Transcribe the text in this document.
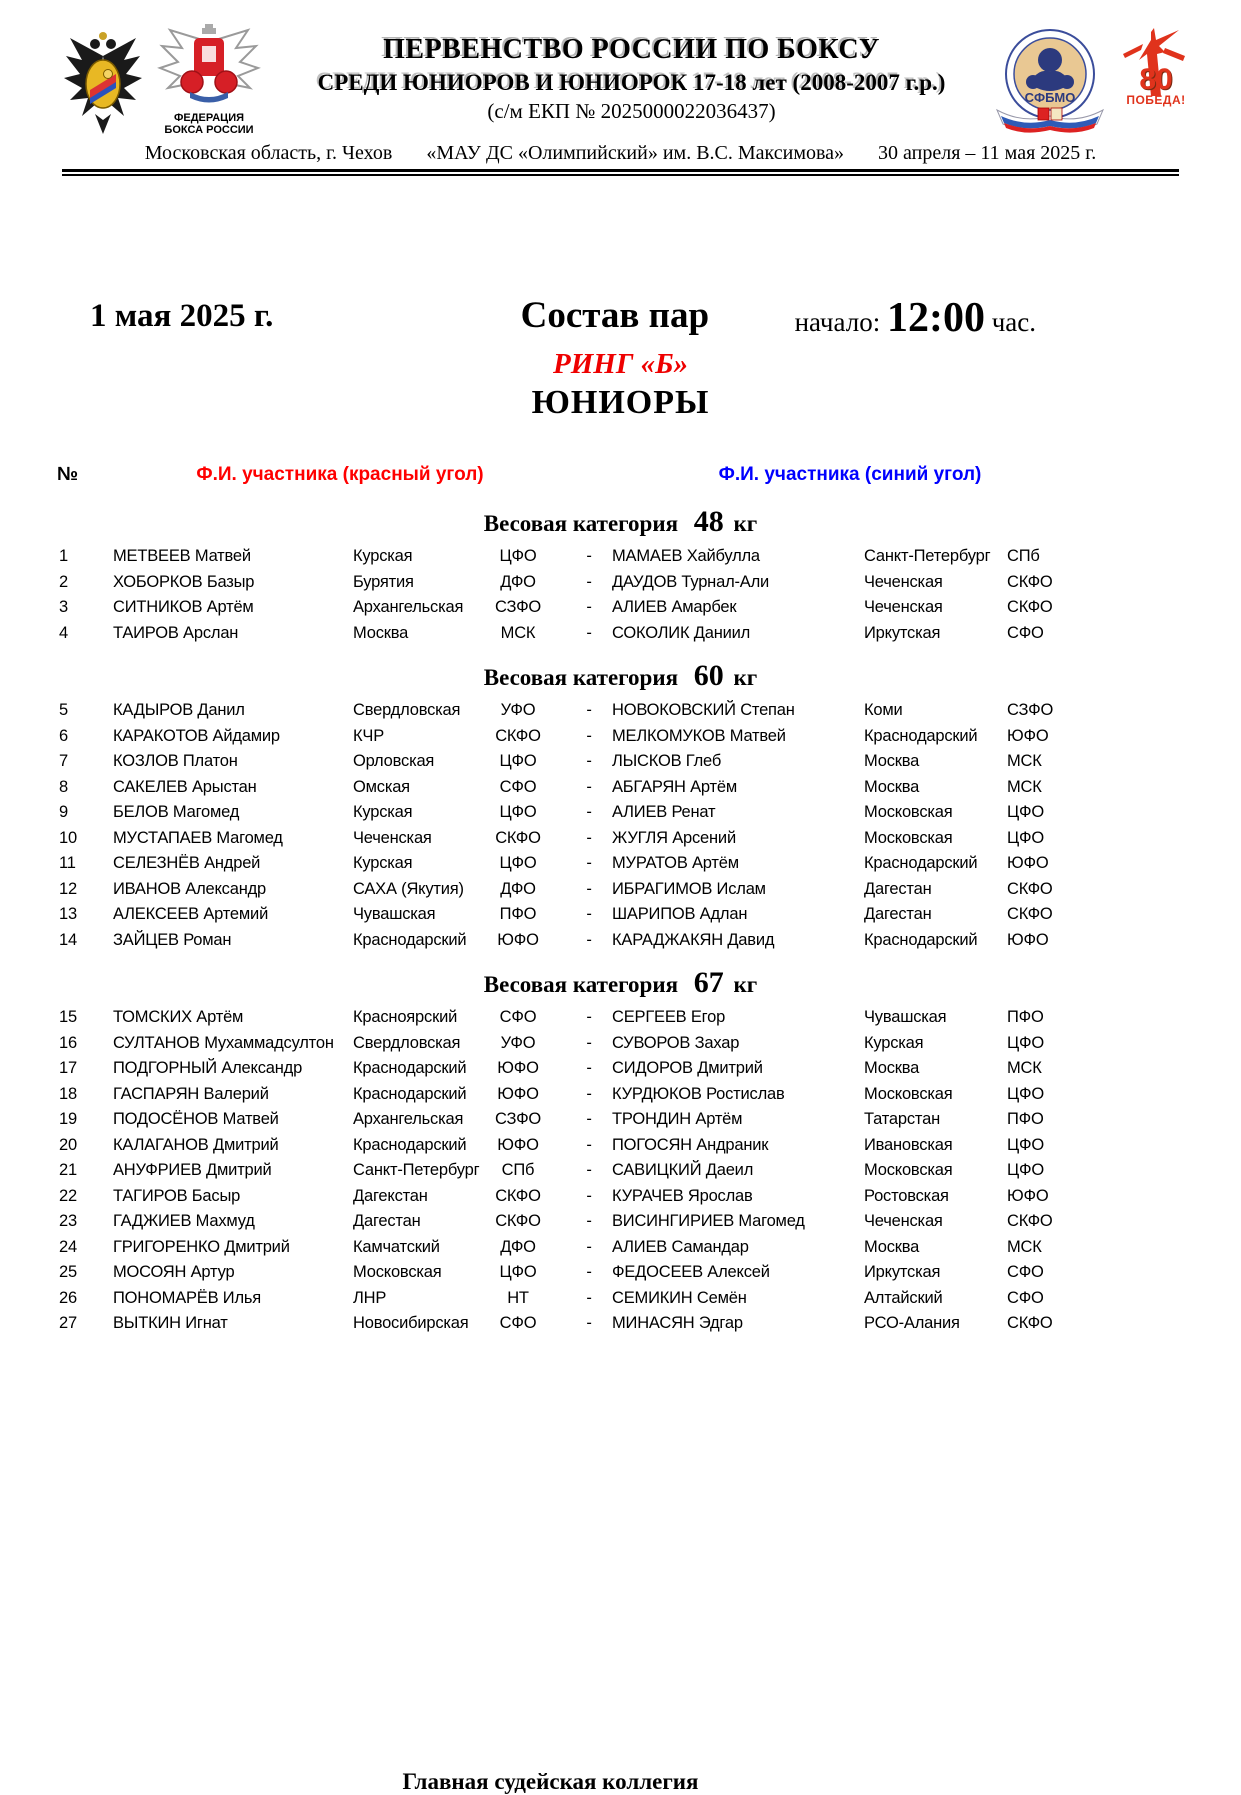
ФЕДЕРАЦИЯ
БОКСА РОССИИ
ПЕРВЕНСТВО РОССИИ ПО БОКСУ
СРЕДИ ЮНИОРОВ И ЮНИОРОК 17-18 лет (2008-2007 г.р.)
(с/м ЕКП № 2025000022036437)
СФБМО
80
ПОБЕДА!
Московская область, г. Чехов «МАУ ДС «Олимпийский» им. В.С. Максимова» 30 апреля – 11 мая 2025 г.
1 мая 2025 г.	Состав пар	начало: 12:00 час.
РИНГ «Б»
ЮНИОРЫ
№	Ф.И. участника (красный угол)	Ф.И. участника (синий угол)
Весовая категория 48 кг
1	МЕТВЕЕВ Матвей	Курская	ЦФО	-	МАМАЕВ Хайбулла	Санкт-Петербург	СПб
2	ХОБОРКОВ Базыр	Бурятия	ДФО	-	ДАУДОВ Турнал-Али	Чеченская	СКФО
3	СИТНИКОВ Артём	Архангельская	СЗФО	-	АЛИЕВ Амарбек	Чеченская	СКФО
4	ТАИРОВ Арслан	Москва	МСК	-	СОКОЛИК Даниил	Иркутская	СФО
Весовая категория 60 кг
5	КАДЫРОВ Данил	Свердловская	УФО	-	НОВОКОВСКИЙ Степан	Коми	СЗФО
6	КАРАКОТОВ Айдамир	КЧР	СКФО	-	МЕЛКОМУКОВ Матвей	Краснодарский	ЮФО
7	КОЗЛОВ Платон	Орловская	ЦФО	-	ЛЫСКОВ Глеб	Москва	МСК
8	САКЕЛЕВ Арыстан	Омская	СФО	-	АБГАРЯН Артём	Москва	МСК
9	БЕЛОВ Магомед	Курская	ЦФО	-	АЛИЕВ Ренат	Московская	ЦФО
10	МУСТАПАЕВ Магомед	Чеченская	СКФО	-	ЖУГЛЯ Арсений	Московская	ЦФО
11	СЕЛЕЗНЁВ Андрей	Курская	ЦФО	-	МУРАТОВ Артём	Краснодарский	ЮФО
12	ИВАНОВ Александр	САХА (Якутия)	ДФО	-	ИБРАГИМОВ Ислам	Дагестан	СКФО
13	АЛЕКСЕЕВ Артемий	Чувашская	ПФО	-	ШАРИПОВ Адлан	Дагестан	СКФО
14	ЗАЙЦЕВ Роман	Краснодарский	ЮФО	-	КАРАДЖАКЯН Давид	Краснодарский	ЮФО
Весовая категория 67 кг
15	ТОМСКИХ Артём	Красноярский	СФО	-	СЕРГЕЕВ Егор	Чувашская	ПФО
16	СУЛТАНОВ Мухаммадсултон	Свердловская	УФО	-	СУВОРОВ Захар	Курская	ЦФО
17	ПОДГОРНЫЙ Александр	Краснодарский	ЮФО	-	СИДОРОВ Дмитрий	Москва	МСК
18	ГАСПАРЯН Валерий	Краснодарский	ЮФО	-	КУРДЮКОВ Ростислав	Московская	ЦФО
19	ПОДОСЁНОВ Матвей	Архангельская	СЗФО	-	ТРОНДИН Артём	Татарстан	ПФО
20	КАЛАГАНОВ Дмитрий	Краснодарский	ЮФО	-	ПОГОСЯН Андраник	Ивановская	ЦФО
21	АНУФРИЕВ Дмитрий	Санкт-Петербург	СПб	-	САВИЦКИЙ Даеил	Московская	ЦФО
22	ТАГИРОВ Басыр	Дагекстан	СКФО	-	КУРАЧЕВ Ярослав	Ростовская	ЮФО
23	ГАДЖИЕВ Махмуд	Дагестан	СКФО	-	ВИСИНГИРИЕВ Магомед	Чеченская	СКФО
24	ГРИГОРЕНКО Дмитрий	Камчатский	ДФО	-	АЛИЕВ Самандар	Москва	МСК
25	МОСОЯН Артур	Московская	ЦФО	-	ФЕДОСЕЕВ Алексей	Иркутская	СФО
26	ПОНОМАРЁВ Илья	ЛНР	НТ	-	СЕМИКИН Семён	Алтайский	СФО
27	ВЫТКИН Игнат	Новосибирская	СФО	-	МИНАСЯН Эдгар	РСО-Алания	СКФО
Главная судейская коллегия
